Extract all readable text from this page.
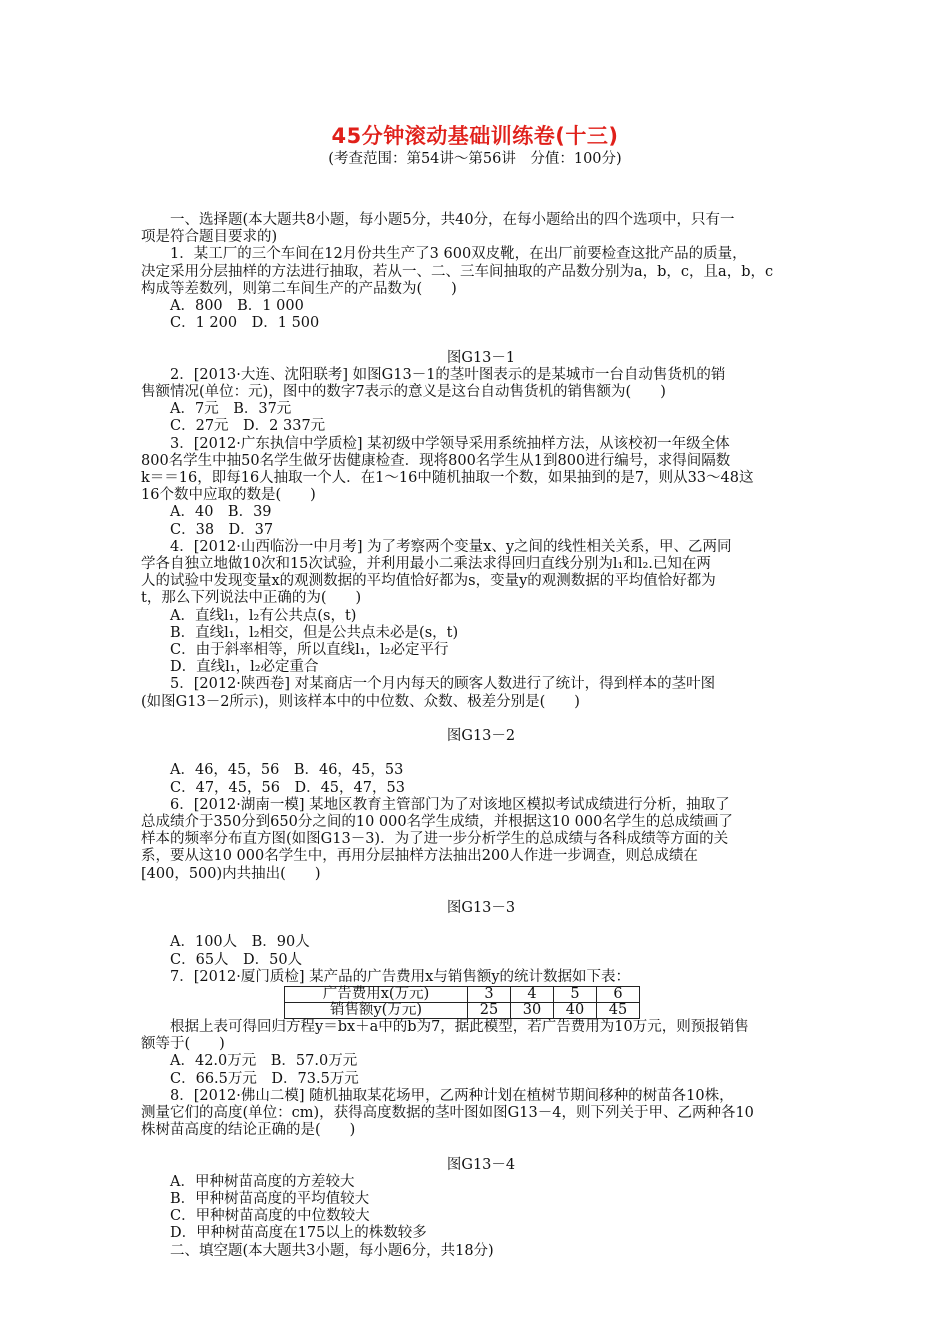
45分钟滚动基础训练卷(十三)
(考查范围：第54讲～第56讲　分值：100分)

一、选择题(本大题共8小题，每小题5分，共40分，在每小题给出的四个选项中，只有一

项是符合题目要求的)

1．某工厂的三个车间在12月份共生产了3 600双皮靴，在出厂前要检查这批产品的质量，

决定采用分层抽样的方法进行抽取，若从一、二、三车间抽取的产品数分别为a，b，c，且a，b，c

构成等差数列，则第二车间生产的产品数为(　　)

A．800　B．1 000

C．1 200　D．1 500

图G13－1

2．[2013·大连、沈阳联考] 如图G13－1的茎叶图表示的是某城市一台自动售货机的销

售额情况(单位：元)，图中的数字7表示的意义是这台自动售货机的销售额为(　　)

A．7元　B．37元

C．27元　D．2 337元

3．[2012·广东执信中学质检] 某初级中学领导采用系统抽样方法，从该校初一年级全体

800名学生中抽50名学生做牙齿健康检查．现将800名学生从1到800进行编号，求得间隔数

k＝＝16，即每16人抽取一个人．在1～16中随机抽取一个数，如果抽到的是7，则从33～48这

16个数中应取的数是(　　)

A．40　B．39

C．38　D．37

4．[2012·山西临汾一中月考] 为了考察两个变量x、y之间的线性相关关系，甲、乙两同

学各自独立地做10次和15次试验，并利用最小二乘法求得回归直线分别为l₁和l₂.已知在两

人的试验中发现变量x的观测数据的平均值恰好都为s，变量y的观测数据的平均值恰好都为

t，那么下列说法中正确的为(　　)

A．直线l₁，l₂有公共点(s，t)

B．直线l₁，l₂相交，但是公共点未必是(s，t)

C．由于斜率相等，所以直线l₁，l₂必定平行

D．直线l₁，l₂必定重合

5．[2012·陕西卷] 对某商店一个月内每天的顾客人数进行了统计，得到样本的茎叶图

(如图G13－2所示)，则该样本中的中位数、众数、极差分别是(　　)

图G13－2

A．46，45，56　B．46，45，53

C．47，45，56　D．45，47，53

6．[2012·湖南一模] 某地区教育主管部门为了对该地区模拟考试成绩进行分析，抽取了

总成绩介于350分到650分之间的10 000名学生成绩，并根据这10 000名学生的总成绩画了

样本的频率分布直方图(如图G13－3)．为了进一步分析学生的总成绩与各科成绩等方面的关

系，要从这10 000名学生中，再用分层抽样方法抽出200人作进一步调查，则总成绩在

[400，500)内共抽出(　　)

图G13－3

A．100人　B．90人

C．65人　D．50人

7．[2012·厦门质检] 某产品的广告费用x与销售额y的统计数据如下表：

广告费用x(万元)	3	4	5	6
销售额y(万元)	25	30	40	45

根据上表可得回归方程y＝bx＋a中的b为7，据此模型，若广告费用为10万元，则预报销售

额等于(　　)

A．42.0万元　B．57.0万元

C．66.5万元　D．73.5万元

8．[2012·佛山二模] 随机抽取某花场甲，乙两种计划在植树节期间移种的树苗各10株，

测量它们的高度(单位：cm)，获得高度数据的茎叶图如图G13－4，则下列关于甲、乙两种各10

株树苗高度的结论正确的是(　　)

图G13－4

A．甲种树苗高度的方差较大

B．甲种树苗高度的平均值较大

C．甲种树苗高度的中位数较大

D．甲种树苗高度在175以上的株数较多

二、填空题(本大题共3小题，每小题6分，共18分)
